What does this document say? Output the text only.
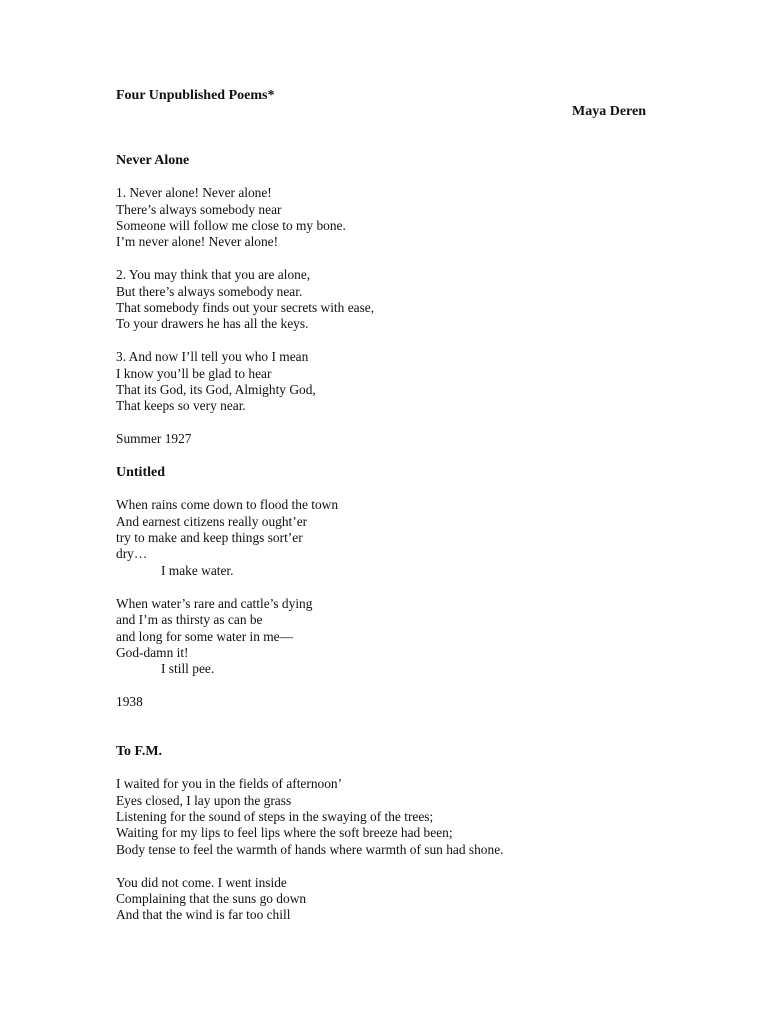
Four Unpublished Poems*
Maya Deren
Never Alone
1. Never alone! Never alone!
There’s always somebody near
Someone will follow me close to my bone.
I’m never alone! Never alone!
2. You may think that you are alone,
But there’s always somebody near.
That somebody finds out your secrets with ease,
To your drawers he has all the keys.
3. And now I’ll tell you who I mean
I know you’ll be glad to hear
That its God, its God, Almighty God,
That keeps so very near.
Summer 1927
Untitled
When rains come down to flood the town
And earnest citizens really ought’er
try to make and keep things sort’er
dry…
I make water.
When water’s rare and cattle’s dying
and I’m as thirsty as can be
and long for some water in me—
God-damn it!
I still pee.
1938
To F.M.
I waited for you in the fields of afternoon’
Eyes closed, I lay upon the grass
Listening for the sound of steps in the swaying of the trees;
Waiting for my lips to feel lips where the soft breeze had been;
Body tense to feel the warmth of hands where warmth of sun had shone.
You did not come. I went inside
Complaining that the suns go down
And that the wind is far too chill
